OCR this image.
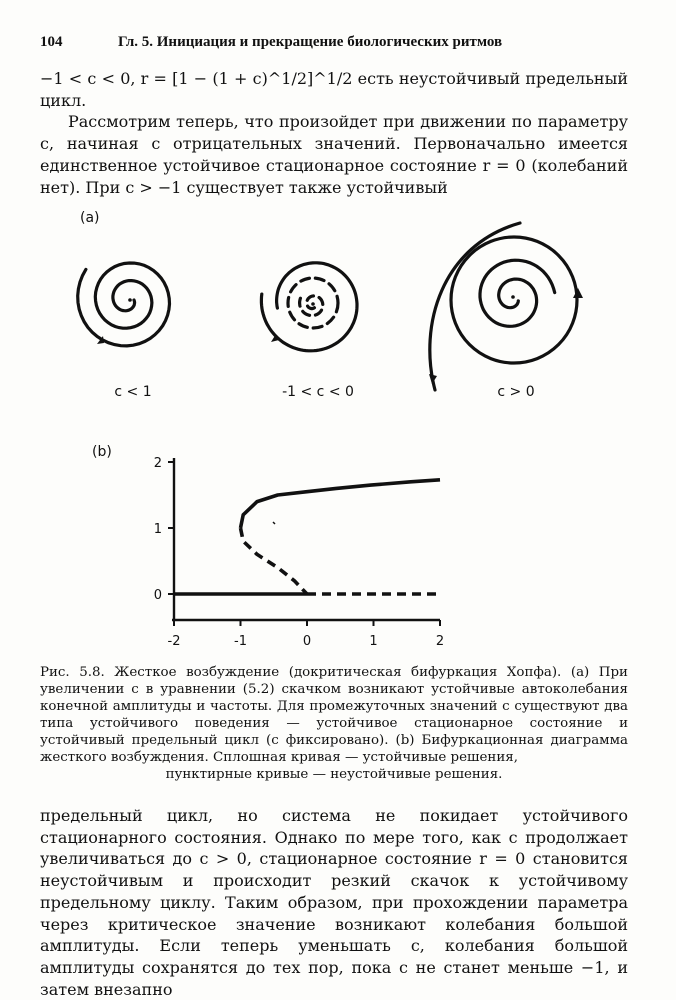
104	Гл. 5. Инициация и прекращение биологических ритмов

−1 < c < 0, r = [1 − (1 + c)^1/2]^1/2 есть неустойчивый предельный цикл.

Рассмотрим теперь, что произойдет при движении по параметру c, начиная с отрицательных значений. Первоначально имеется единственное устойчивое стационарное состояние r = 0 (колебаний нет). При c > −1 существует также устойчивый

(a)
c < 1	-1 < c < 0	c > 0
(b)
-2	-1	0	1	2
0
1
2

Рис. 5.8. Жесткое возбуждение (докритическая бифуркация Хопфа). (а) При увеличении c в уравнении (5.2) скачком возникают устойчивые автоколебания конечной амплитуды и частоты. Для промежуточных значений c существуют два типа устойчивого поведения — устойчивое стационарное состояние и устойчивый предельный цикл (c фиксировано). (b) Бифуркационная диаграмма жесткого возбуждения. Сплошная кривая — устойчивые решения,

пунктирные кривые — неустойчивые решения.

предельный цикл, но система не покидает устойчивого стационарного состояния. Однако по мере того, как c продолжает увеличиваться до c > 0, стационарное состояние r = 0 становится неустойчивым и происходит резкий скачок к устойчивому предельному циклу. Таким образом, при прохождении параметра через критическое значение возникают колебания большой амплитуды. Если теперь уменьшать c, колебания большой амплитуды сохранятся до тех пор, пока c не станет меньше −1, и затем внезапно
